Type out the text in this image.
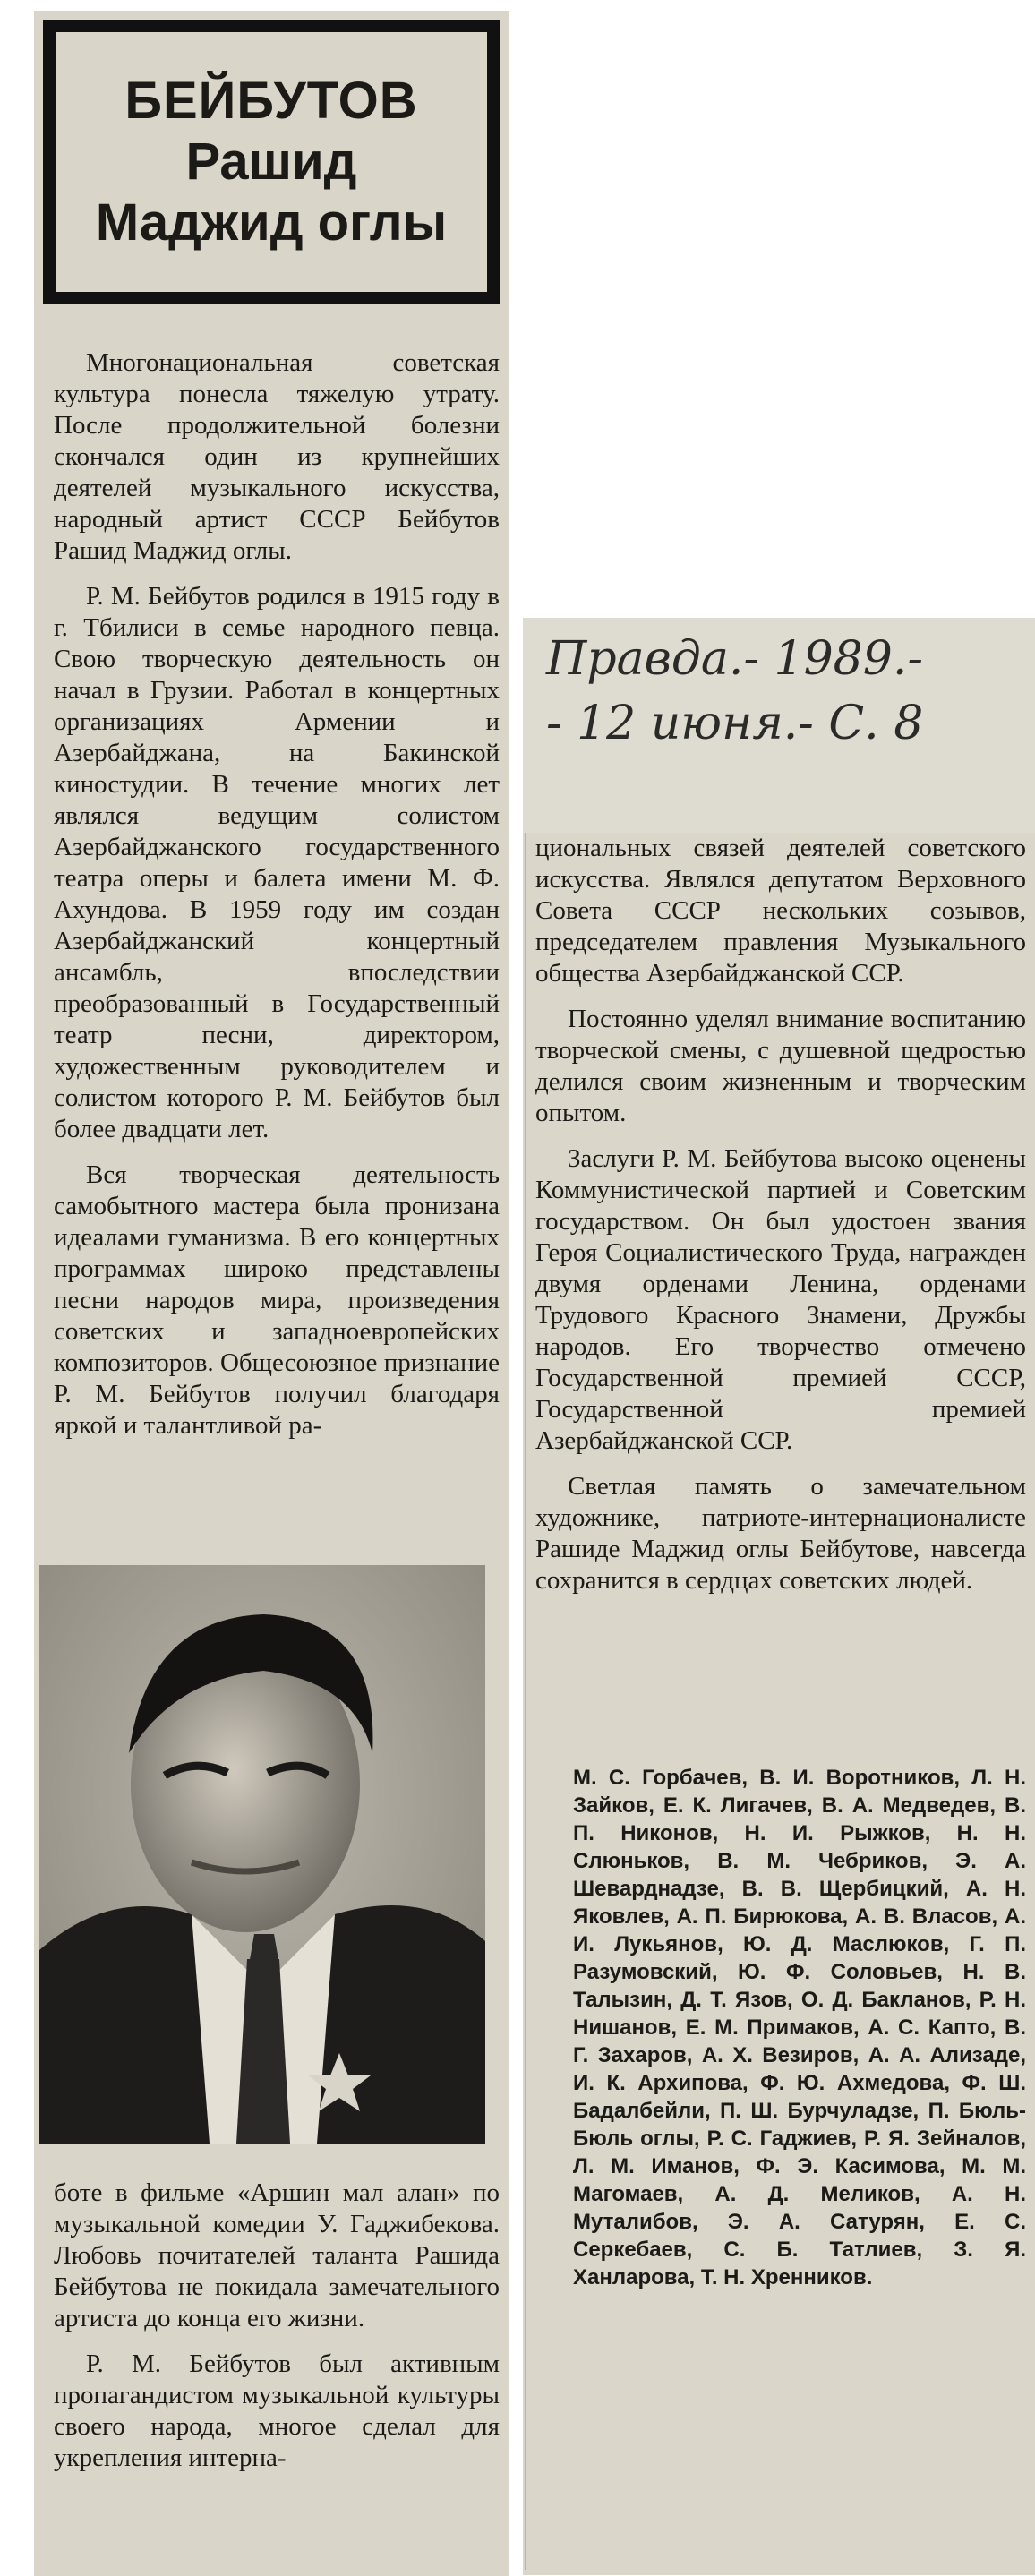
БЕЙБУТОВ
Рашид
Маджид оглы
Правда.- 1989.-
- 12 июня.- С. 8

Многонациональная советская культура понесла тяжелую утрату. После продолжительной болезни скончался один из крупнейших деятелей музыкального искусства, народный артист СССР Бейбутов Рашид Маджид оглы.

Р. М. Бейбутов родился в 1915 году в г. Тбилиси в семье народного певца. Свою творческую деятельность он начал в Грузии. Работал в концертных организациях Армении и Азербайджана, на Бакинской киностудии. В течение многих лет являлся ведущим солистом Азербайджанского государственного театра оперы и балета имени М. Ф. Ахундова. В 1959 году им создан Азербайджанский концертный ансамбль, впоследствии преобразованный в Государственный театр песни, директором, художественным руководителем и солистом которого Р. М. Бейбутов был более двадцати лет.

Вся творческая деятельность самобытного мастера была пронизана идеалами гуманизма. В его концертных программах широко представлены песни народов мира, произведения советских и западноевропейских композиторов. Общесоюзное признание Р. М. Бейбутов получил благодаря яркой и талантливой ра-

боте в фильме «Аршин мал алан» по музыкальной комедии У. Гаджибекова. Любовь почитателей таланта Рашида Бейбутова не покидала замечательного артиста до конца его жизни.

Р. М. Бейбутов был активным пропагандистом музыкальной культуры своего народа, многое сделал для укрепления интерна-

циональных связей деятелей советского искусства. Являлся депутатом Верховного Совета СССР нескольких созывов, председателем правления Музыкального общества Азербайджанской ССР.

Постоянно уделял внимание воспитанию творческой смены, с душевной щедростью делился своим жизненным и творческим опытом.

Заслуги Р. М. Бейбутова высоко оценены Коммунистической партией и Советским государством. Он был удостоен звания Героя Социалистического Труда, награжден двумя орденами Ленина, орденами Трудового Красного Знамени, Дружбы народов. Его творчество отмечено Государственной премией СССР, Государственной премией Азербайджанской ССР.

Светлая память о замечательном художнике, патриоте-интернационалисте Рашиде Маджид оглы Бейбутове, навсегда сохранится в сердцах советских людей.

М. С. Горбачев, В. И. Воротников, Л. Н. Зайков, Е. К. Лигачев, В. А. Медведев, В. П. Никонов, Н. И. Рыжков, Н. Н. Слюньков, В. М. Чебриков, Э. А. Шеварднадзе, В. В. Щербицкий, А. Н. Яковлев, А. П. Бирюкова, А. В. Власов, А. И. Лукьянов, Ю. Д. Маслюков, Г. П. Разумовский, Ю. Ф. Соловьев, Н. В. Талызин, Д. Т. Язов, О. Д. Бакланов, Р. Н. Нишанов, Е. М. Примаков, А. С. Капто, В. Г. Захаров, А. Х. Везиров, А. А. Ализаде, И. К. Архипова, Ф. Ю. Ахмедова, Ф. Ш. Бадалбейли, П. Ш. Бурчуладзе, П. Бюль-Бюль оглы, Р. С. Гаджиев, Р. Я. Зейналов, Л. М. Иманов, Ф. Э. Касимова, М. М. Магомаев, А. Д. Меликов, А. Н. Муталибов, Э. А. Сатурян, Е. С. Серкебаев, С. Б. Татлиев, З. Я. Ханларова, Т. Н. Хренников.
